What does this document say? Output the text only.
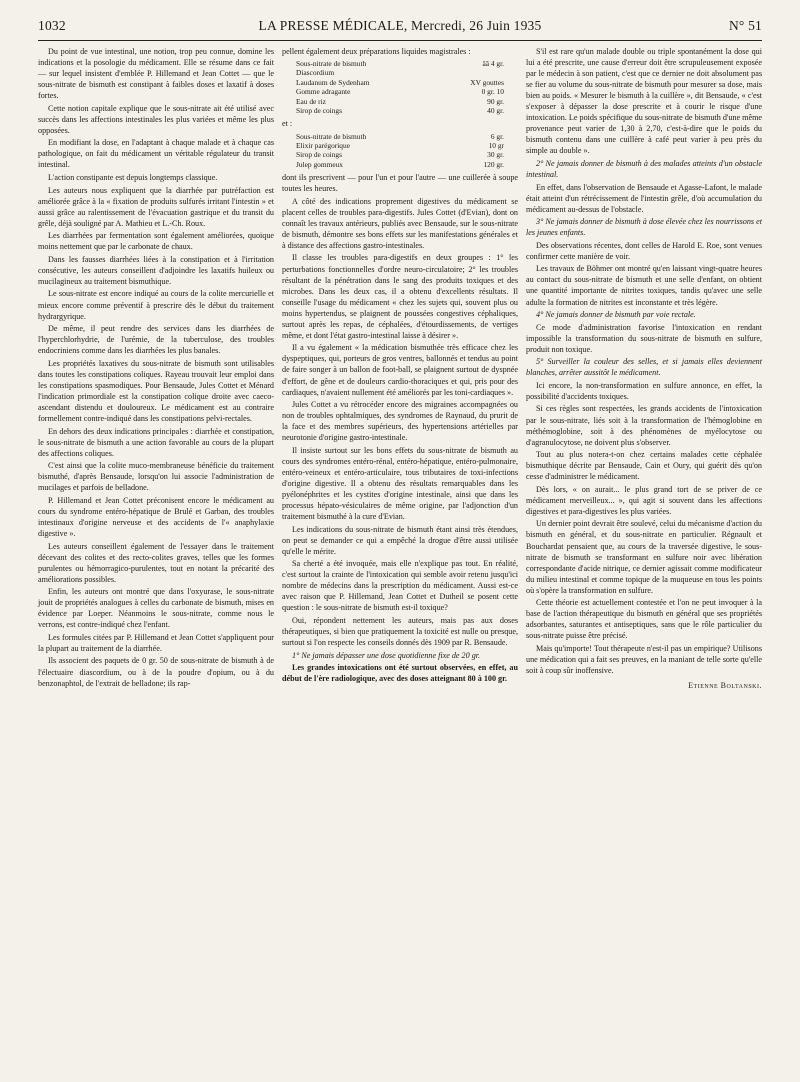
1032	LA PRESSE MÉDICALE, Mercredi, 26 Juin 1935	N° 51

Du point de vue intestinal, une notion, trop peu connue, domine les indications et la posologie du médicament. Elle se résume dans ce fait — sur lequel insistent d'emblée P. Hillemand et Jean Cottet — que le sous-nitrate de bismuth est constipant à faibles doses et laxatif à doses fortes.

Cette notion capitale explique que le sous-nitrate ait été utilisé avec succès dans les affections intestinales les plus variées et même les plus opposées.

En modifiant la dose, en l'adaptant à chaque malade et à chaque cas pathologique, on fait du médicament un véritable régulateur du transit intestinal.

L'action constipante est depuis longtemps classique.

Les auteurs nous expliquent que la diarrhée par putréfaction est améliorée grâce à la « fixation de produits sulfurés irritant l'intestin » et aussi grâce au ralentissement de l'évacuation gastrique et du transit du grêle, déjà souligné par A. Mathieu et L.-Ch. Roux.

Les diarrhées par fermentation sont également améliorées, quoique moins nettement que par le carbonate de chaux.

Dans les fausses diarrhées liées à la constipation et à l'irritation consécutive, les auteurs conseillent d'adjoindre les laxatifs huileux ou mucilagineux au traitement bismuthique.

Le sous-nitrate est encore indiqué au cours de la colite mercurielle et mieux encore comme préventif à prescrire dès le début du traitement hydrargyrique.

De même, il peut rendre des services dans les diarrhées de l'hyperchlorhydrie, de l'urémie, de la tuberculose, des troubles endocriniens comme dans les diarrhées les plus banales.

Les propriétés laxatives du sous-nitrate de bismuth sont utilisables dans toutes les constipations coliques. Rayeau trouvait leur emploi dans les constipations spasmodiques. Pour Bensaude, Jules Cottet et Ménard l'indication primordiale est la constipation colique droite avec caeco-ascendant distendu et douloureux. Le médicament est au contraire formellement contre-indiqué dans les constipations pelvi-rectales.

En dehors des deux indications principales : diarrhée et constipation, le sous-nitrate de bismuth a une action favorable au cours de la plupart des affections coliques.

C'est ainsi que la colite muco-membraneuse bénéficie du traitement bismuthé, d'après Bensaude, lorsqu'on lui associe l'administration de mucilages et parfois de belladone.

P. Hillemand et Jean Cottet préconisent encore le médicament au cours du syndrome entéro-hépatique de Brulé et Garban, des troubles intestinaux d'origine nerveuse et des accidents de l'« anaphylaxie digestive ».

Les auteurs conseillent également de l'essayer dans le traitement décevant des colites et des recto-colites graves, telles que les formes purulentes ou hémorragico-purulentes, tout en notant la précarité des améliorations possibles.

Enfin, les auteurs ont montré que dans l'oxyurase, le sous-nitrate jouit de propriétés analogues à celles du carbonate de bismuth, mises en évidence par Loeper. Néanmoins le sous-nitrate, comme nous le verrons, est contre-indiqué chez l'enfant.

Les formules citées par P. Hillemand et Jean Cottet s'appliquent pour la plupart au traitement de la diarrhée.

Ils associent des paquets de 0 gr. 50 de sous-nitrate de bismuth à de l'électuaire diascordium, ou à de la poudre d'opium, ou à du benzonaphtol, de l'extrait de belladone; ils rap-

pellent également deux préparations liquides magistrales :

Sous-nitrate de bismuth	ââ 4 gr.
Diascordium
Laudanum de Sydenham	XV gouttes
Gomme adragante	0 gr. 10
Eau de riz	90 gr.
Sirop de coings	40 gr.

et :

Sous-nitrate de bismuth	6 gr.
Elixir parégorique	10 gr
Sirop de coings	30 gr.
Julep gommeux	120 gr.

dont ils prescrivent — pour l'un et pour l'autre — une cuillerée à soupe toutes les heures.

A côté des indications proprement digestives du médicament se placent celles de troubles para-digestifs. Jules Cottet (d'Evian), dont on connaît les travaux antérieurs, publiés avec Bensaude, sur le sous-nitrate de bismuth, démontre ses bons effets sur les manifestations générales et à distance des affections gastro-intestinales.

Il classe les troubles para-digestifs en deux groupes : 1° les perturbations fonctionnelles d'ordre neuro-circulatoire; 2° les troubles résultant de la pénétration dans le sang des produits toxiques et des microbes. Dans les deux cas, il a obtenu d'excellents résultats. Il conseille l'usage du médicament « chez les sujets qui, souvent plus ou moins hypertendus, se plaignent de poussées congestives céphaliques, surtout après les repas, de céphalées, d'étourdissements, de vertiges même, et dont l'état gastro-intestinal laisse à désirer ».

Il a vu également « la médication bismuthée très efficace chez les dyspeptiques, qui, porteurs de gros ventres, ballonnés et tendus au point de faire songer à un ballon de foot-ball, se plaignent surtout de dyspnée d'effort, de gêne et de douleurs cardio-thoraciques et qui, pris pour des cardiaques, n'avaient nullement été améliorés par les toni-cardiaques ».

Jules Cottet a vu rétrocéder encore des migraines accompagnées ou non de troubles ophtalmiques, des syndromes de Raynaud, du prurit de la face et des membres supérieurs, des hypertensions artérielles par neurotonie d'origine gastro-intestinale.

Il insiste surtout sur les bons effets du sous-nitrate de bismuth au cours des syndromes entéro-rénal, entéro-hépatique, entéro-pulmonaire, entéro-veineux et entéro-articulaire, tous tributaires de toxi-infections d'origine digestive. Il a obtenu des résultats remarquables dans les pyélonéphrites et les cystites d'origine intestinale, ainsi que dans les processus hépato-vésiculaires de même origine, par l'adjonction d'un traitement bismuthé à la cure d'Evian.

Les indications du sous-nitrate de bismuth étant ainsi très étendues, on peut se demander ce qui a empêché la drogue d'être aussi utilisée qu'elle le mérite.

Sa cherté a été invoquée, mais elle n'explique pas tout. En réalité, c'est surtout la crainte de l'intoxication qui semble avoir retenu jusqu'ici nombre de médecins dans la prescription du médicament. Aussi est-ce avec raison que P. Hillemand, Jean Cottet et Dutheil se posent cette question : le sous-nitrate de bismuth est-il toxique?

Oui, répondent nettement les auteurs, mais pas aux doses thérapeutiques, si bien que pratiquement la toxicité est nulle ou presque, surtout si l'on respecte les conseils donnés dès 1909 par R. Bensaude.

1° Ne jamais dépasser une dose quotidienne fixe de 20 gr.

Les grandes intoxications ont été surtout observées, en effet, au début de l'ère radiologique, avec des doses atteignant 80 à 100 gr.

S'il est rare qu'un malade double ou triple spontanément la dose qui lui a été prescrite, une cause d'erreur doit être scrupuleusement exposée par le médecin à son patient, c'est que ce dernier ne doit absolument pas se fier au volume du sous-nitrate de bismuth pour mesurer sa dose, mais bien au poids. « Mesurer le bismuth à la cuillère », dit Bensaude, « c'est s'exposer à dépasser la dose prescrite et à courir le risque d'une intoxication. Le poids spécifique du sous-nitrate de bismuth d'une même provenance peut varier de 1,30 à 2,70, c'est-à-dire que le poids du bismuth contenu dans une cuillère à café peut varier à peu près du simple au double ».

2° Ne jamais donner de bismuth à des malades atteints d'un obstacle intestinal.

En effet, dans l'observation de Bensaude et Agasse-Lafont, le malade était atteint d'un rétrécissement de l'intestin grêle, d'où accumulation du médicament au-dessus de l'obstacle.

3° Ne jamais donner de bismuth à dose élevée chez les nourrissons et les jeunes enfants.

Des observations récentes, dont celles de Harold E. Roe, sont venues confirmer cette manière de voir.

Les travaux de Böhmer ont montré qu'en laissant vingt-quatre heures au contact du sous-nitrate de bismuth et une selle d'enfant, on obtient une quantité importante de nitrites toxiques, tandis qu'avec une selle adulte la formation de nitrites est inconstante et très légère.

4° Ne jamais donner de bismuth par voie rectale.

Ce mode d'administration favorise l'intoxication en rendant impossible la transformation du sous-nitrate de bismuth en sulfure, produit non toxique.

5° Surveiller la couleur des selles, et si jamais elles deviennent blanches, arrêter aussitôt le médicament.

Ici encore, la non-transformation en sulfure annonce, en effet, la possibilité d'accidents toxiques.

Si ces règles sont respectées, les grands accidents de l'intoxication par le sous-nitrate, liés soit à la transformation de l'hémoglobine en méthémoglobine, soit à des phénomènes de myélocytose ou d'agranulocytose, ne doivent plus s'observer.

Tout au plus notera-t-on chez certains malades cette céphalée bismuthique décrite par Bensaude, Cain et Oury, qui guérit dès qu'on cesse d'administrer le médicament.

Dès lors, « on aurait... le plus grand tort de se priver de ce médicament merveilleux... », qui agit si souvent dans les affections digestives et para-digestives les plus variées.

Un dernier point devrait être soulevé, celui du mécanisme d'action du bismuth en général, et du sous-nitrate en particulier. Régnault et Bouchardat pensaient que, au cours de la traversée digestive, le sous-nitrate de bismuth se transformant en sulfure noir avec libération correspondante d'acide nitrique, ce dernier agissait comme modificateur du milieu intestinal et comme topique de la muqueuse en tous les points où s'opère la transformation en sulfure.

Cette théorie est actuellement contestée et l'on ne peut invoquer à la base de l'action thérapeutique du bismuth en général que ses propriétés adsorbantes, saturantes et antiseptiques, sans que le rôle particulier du sous-nitrate puisse être précisé.

Mais qu'importe! Tout thérapeute n'est-il pas un empirique? Utilisons une médication qui a fait ses preuves, en la maniant de telle sorte qu'elle soit à coup sûr inoffensive.

Etienne Boltanski.
